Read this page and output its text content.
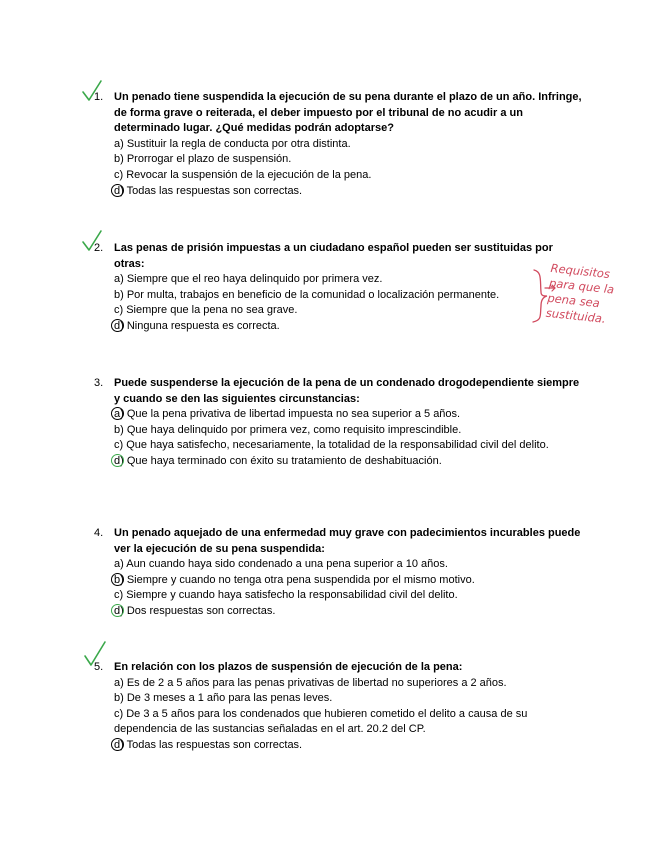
1. Un penado tiene suspendida la ejecución de su pena durante el plazo de un año. Infringe, de forma grave o reiterada, el deber impuesto por el tribunal de no acudir a un determinado lugar. ¿Qué medidas podrán adoptarse?
a) Sustituir la regla de conducta por otra distinta.
b) Prorrogar el plazo de suspensión.
c) Revocar la suspensión de la ejecución de la pena.
d) Todas las respuestas son correctas.
2. Las penas de prisión impuestas a un ciudadano español pueden ser sustituidas por otras:
a) Siempre que el reo haya delinquido por primera vez.
b) Por multa, trabajos en beneficio de la comunidad o localización permanente.
c) Siempre que la pena no sea grave.
d) Ninguna respuesta es correcta.
3. Puede suspenderse la ejecución de la pena de un condenado drogodependiente siempre y cuando se den las siguientes circunstancias:
a) Que la pena privativa de libertad impuesta no sea superior a 5 años.
b) Que haya delinquido por primera vez, como requisito imprescindible.
c) Que haya satisfecho, necesariamente, la totalidad de la responsabilidad civil del delito.
d) Que haya terminado con éxito su tratamiento de deshabituación.
4. Un penado aquejado de una enfermedad muy grave con padecimientos incurables puede ver la ejecución de su pena suspendida:
a) Aun cuando haya sido condenado a una pena superior a 10 años.
b) Siempre y cuando no tenga otra pena suspendida por el mismo motivo.
c) Siempre y cuando haya satisfecho la responsabilidad civil del delito.
d) Dos respuestas son correctas.
5. En relación con los plazos de suspensión de ejecución de la pena:
a) Es de 2 a 5 años para las penas privativas de libertad no superiores a 2 años.
b) De 3 meses a 1 año para las penas leves.
c) De 3 a 5 años para los condenados que hubieren cometido el delito a causa de su dependencia de las sustancias señaladas en el art. 20.2 del CP.
d) Todas las respuestas son correctas.
Requisitos
para que la
pena sea
sustituida.
